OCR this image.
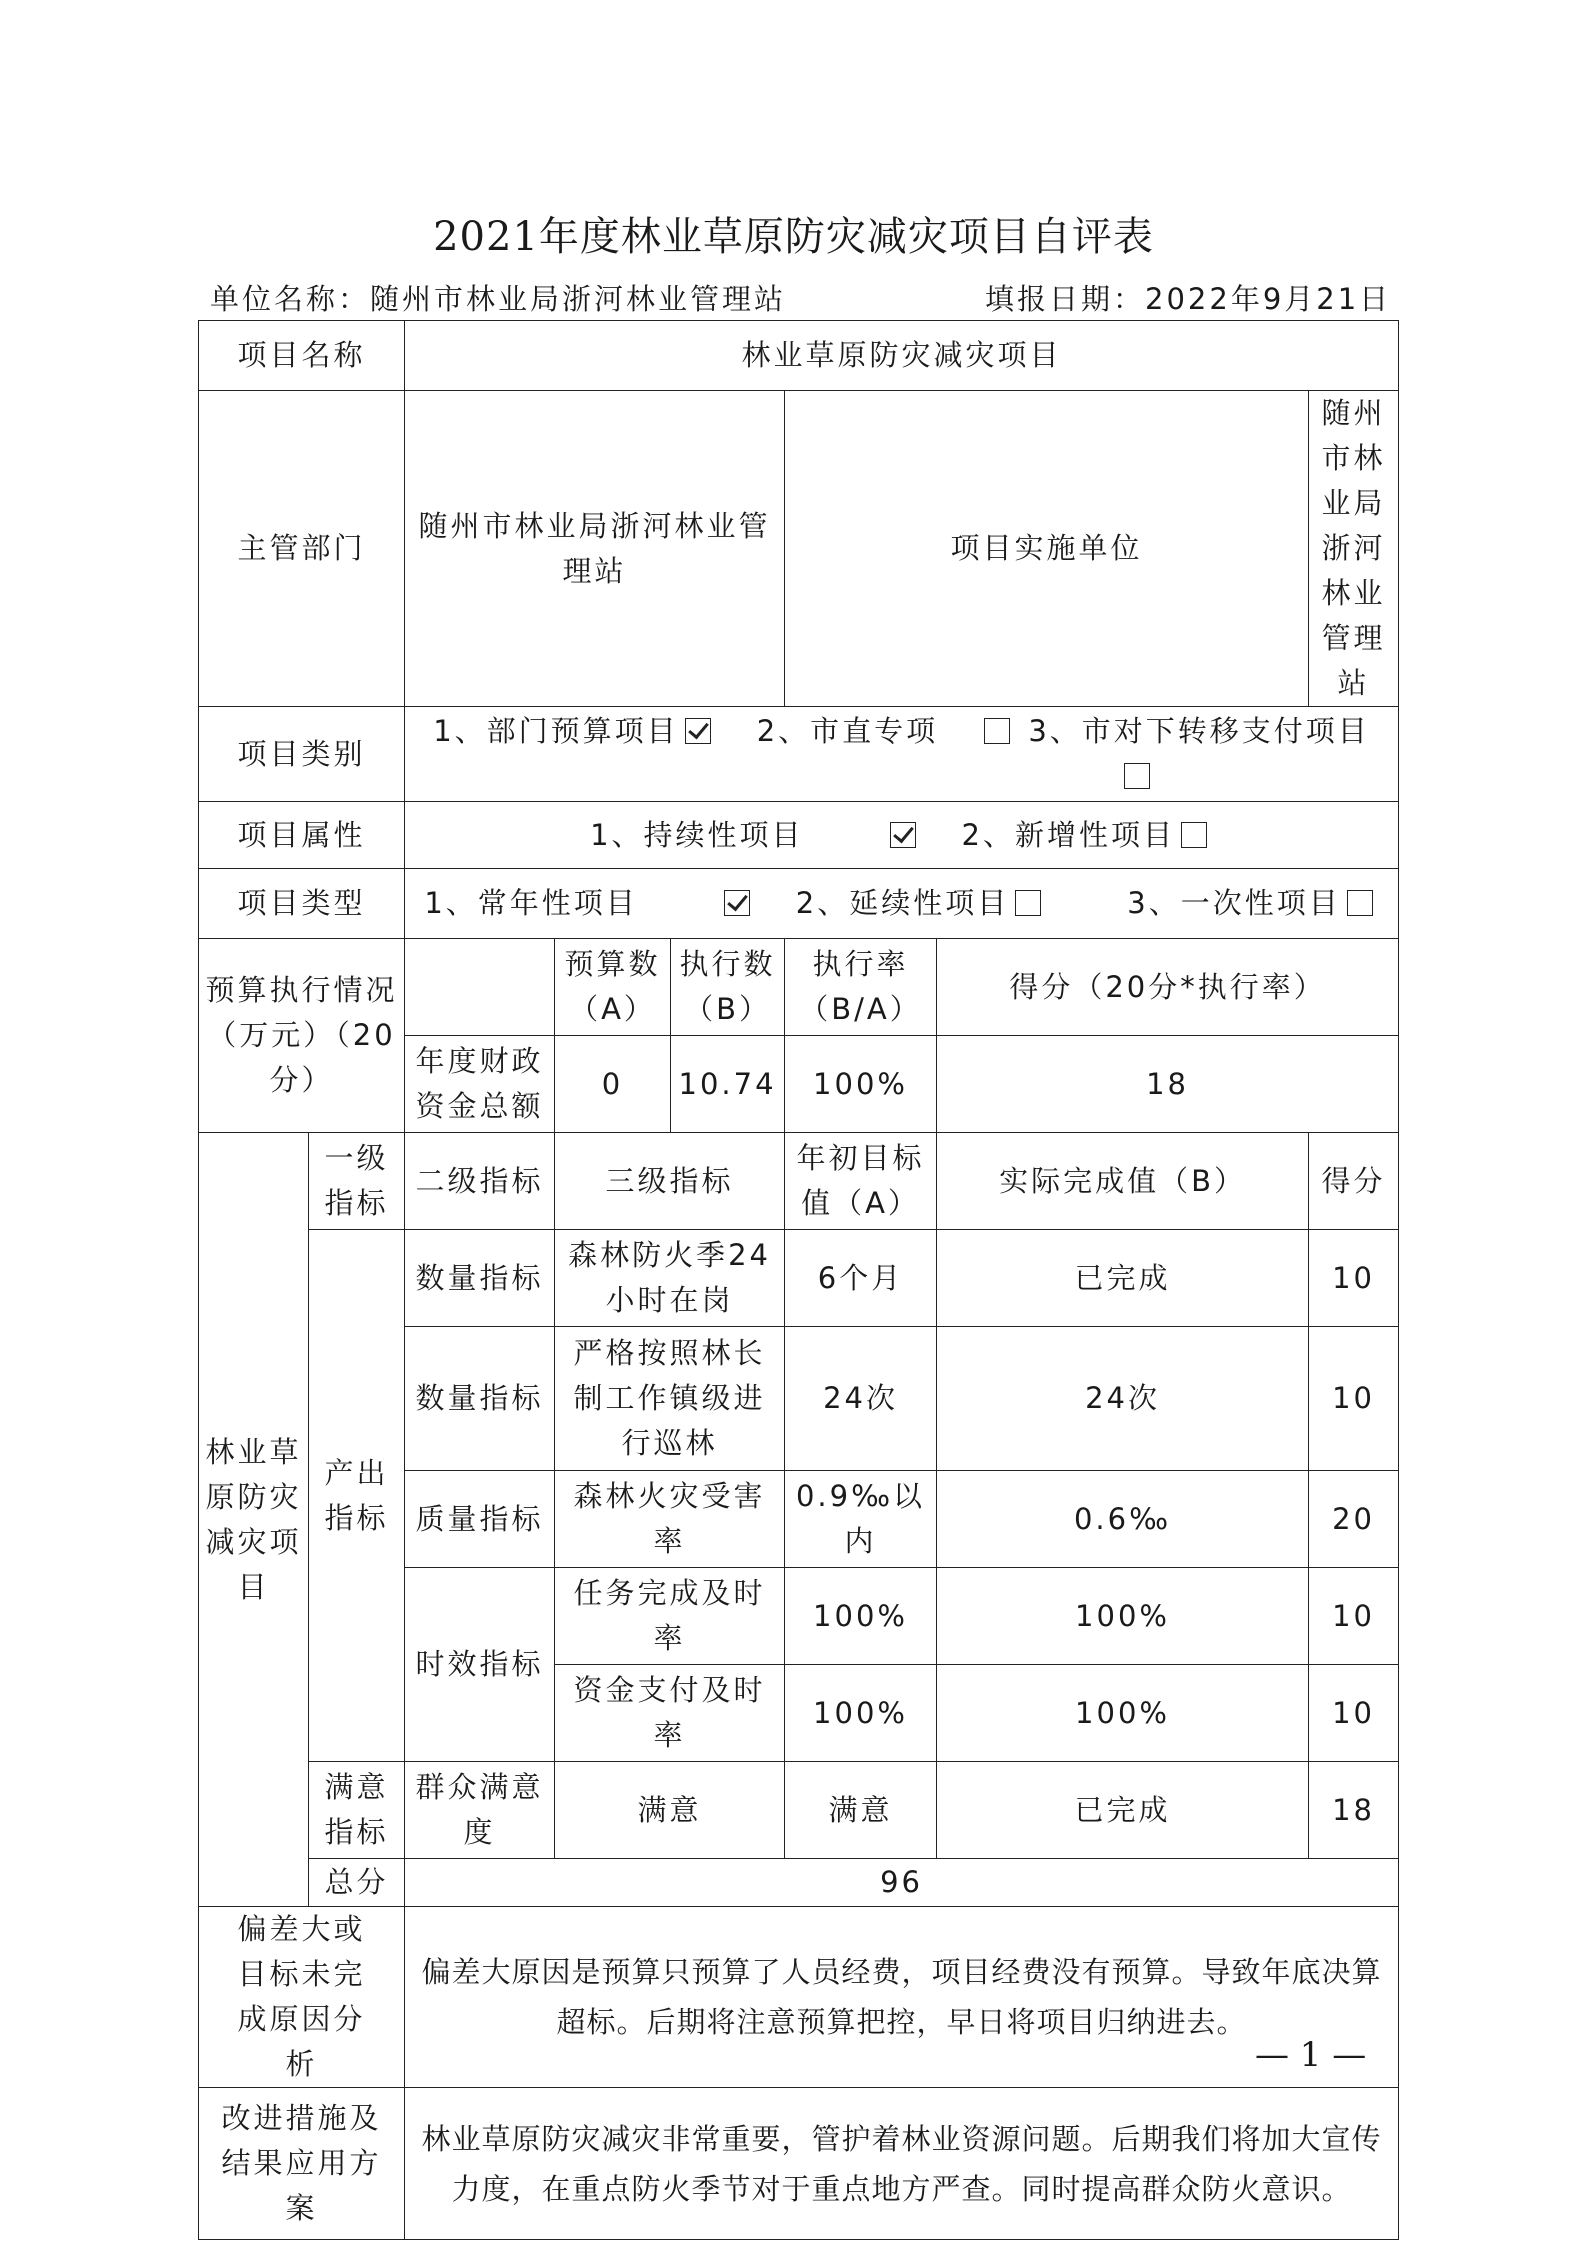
2021年度林业草原防灾减灾项目自评表
单位名称：随州市林业局浙河林业管理站	填报日期：2022年9月21日
项目名称		林业草原防灾减灾项目					
主管部门		随州市林业局浙河林业管理站			项目实施单位		随州市林业局浙河林业管理站
项目类别		1、部门预算项目 2、市直专项 3、市对下转移支付项目					

项目属性		1、持续性项目 2、新增性项目					
项目类型		1、常年性项目 2、延续性项目 3、一次性项目					
预算执行情况（万元）（20分）			预算数（A）	执行数（B）	执行率（B/A）	得分（20分*执行率）	
		年度财政资金总额	0	10.74	100%	18	
林业草原防灾减灾项目	一级指标	二级指标	三级指标		年初目标值（A）	实际完成值（B）	得分
	产出指标	数量指标	森林防火季24小时在岗		6个月	已完成	10
		数量指标	严格按照林长制工作镇级进行巡林		24次	24次	10
		质量指标	森林火灾受害率		0.9‰以内	0.6‰	20
		时效指标	任务完成及时率		100%	100%	10
			资金支付及时率		100%	100%	10
	满意指标	群众满意度	满意		满意	已完成	18
	总分	96					
偏差大或目标未完成原因分析		偏差大原因是预算只预算了人员经费，项目经费没有预算。导致年底决算超标。后期将注意预算把控，早日将项目归纳进去。					
改进措施及结果应用方案		林业草原防灾减灾非常重要，管护着林业资源问题。后期我们将加大宣传力度，在重点防火季节对于重点地方严查。同时提高群众防火意识。					
— 1 —
